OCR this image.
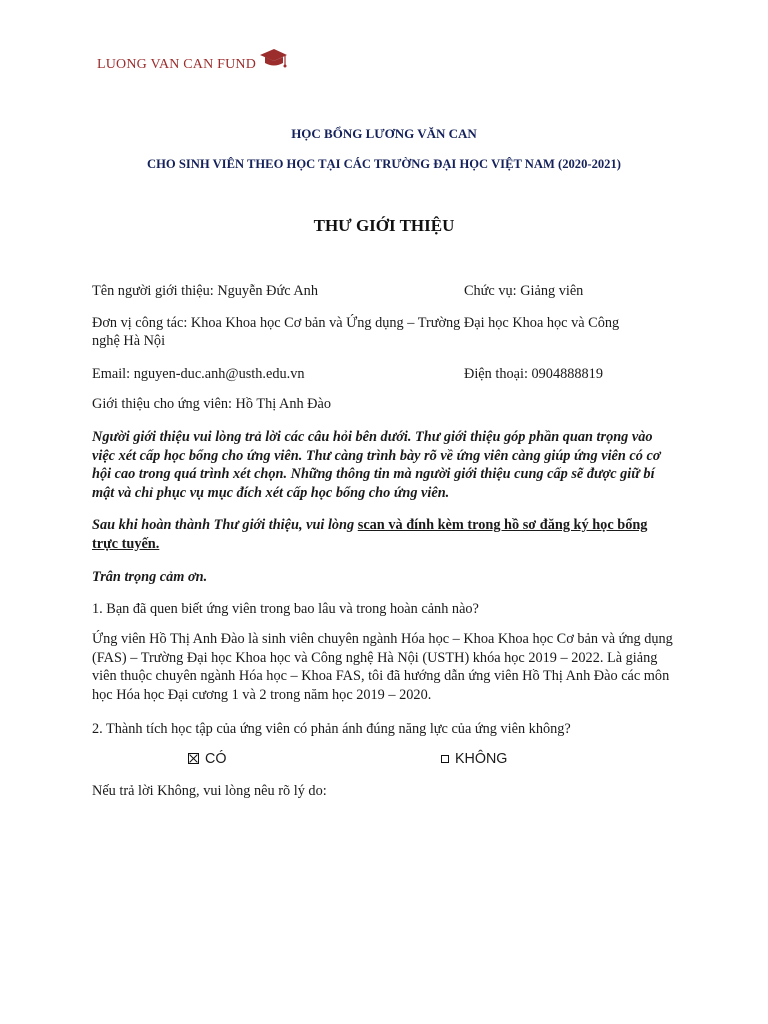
LUONG VAN CAN FUND
HỌC BỔNG LƯƠNG VĂN CAN
CHO SINH VIÊN THEO HỌC TẠI CÁC TRƯỜNG ĐẠI HỌC VIỆT NAM (2020-2021)
THƯ GIỚI THIỆU
Tên người giới thiệu: Nguyễn Đức Anh	Chức vụ: Giảng viên
Đơn vị công tác: Khoa Khoa học Cơ bản và Ứng dụng – Trường Đại học Khoa học và Công
nghệ Hà Nội
Email: nguyen-duc.anh@usth.edu.vn	Điện thoại: 0904888819
Giới thiệu cho ứng viên: Hồ Thị Anh Đào
Người giới thiệu vui lòng trả lời các câu hỏi bên dưới. Thư giới thiệu góp phần quan trọng vào việc xét cấp học bổng cho ứng viên. Thư càng trình bày rõ về ứng viên càng giúp ứng viên có cơ hội cao trong quá trình xét chọn. Những thông tin mà người giới thiệu cung cấp sẽ được giữ bí mật và chỉ phục vụ mục đích xét cấp học bổng cho ứng viên.
Sau khi hoàn thành Thư giới thiệu, vui lòng scan và đính kèm trong hồ sơ đăng ký học bổng trực tuyến.
Trân trọng cảm ơn.
1. Bạn đã quen biết ứng viên trong bao lâu và trong hoàn cảnh nào?
Ứng viên Hồ Thị Anh Đào là sinh viên chuyên ngành Hóa học – Khoa Khoa học Cơ bản và ứng dụng (FAS) – Trường Đại học Khoa học và Công nghệ Hà Nội (USTH) khóa học 2019 – 2022. Là giảng viên thuộc chuyên ngành Hóa học – Khoa FAS, tôi đã hướng dẫn ứng viên Hồ Thị Anh Đào các môn học Hóa học Đại cương 1 và 2 trong năm học 2019 – 2020.
2. Thành tích học tập của ứng viên có phản ánh đúng năng lực của ứng viên không?
CÓ	KHÔNG
Nếu trả lời Không, vui lòng nêu rõ lý do:
